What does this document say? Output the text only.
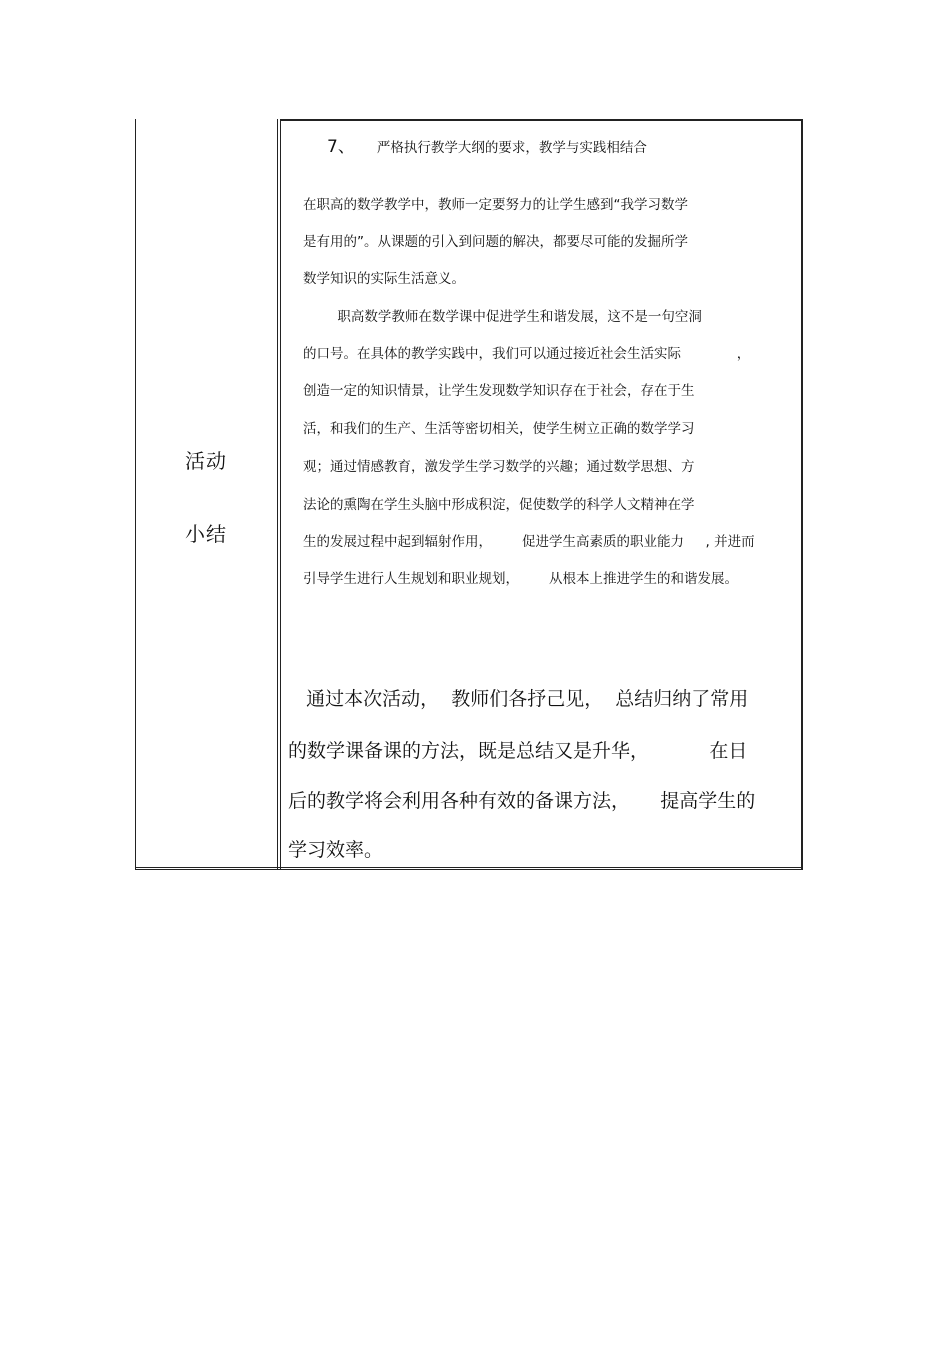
活动
小结
7、 严格执行教学大纲的要求，教学与实践相结合
在职高的数学教学中，教师一定要努力的让学生感到“我学习数学
是有用的”。从课题的引入到问题的解决，都要尽可能的发掘所学
数学知识的实际生活意义。
职高数学教师在数学课中促进学生和谐发展，这不是一句空洞
的口号。在具体的教学实践中，我们可以通过接近社会生活实际             ，
创造一定的知识情景，让学生发现数学知识存在于社会，存在于生
活，和我们的生产、生活等密切相关，使学生树立正确的数学学习
观；通过情感教育，激发学生学习数学的兴趣；通过数学思想、方
法论的熏陶在学生头脑中形成积淀，促使数学的科学人文精神在学
生的发展过程中起到辐射作用，       促进学生高素质的职业能力     , 并进而
引导学生进行人生规划和职业规划，       从根本上推进学生的和谐发展。
通过本次活动，  教师们各抒己见，  总结归纳了常用
的数学课备课的方法，既是总结又是升华，          在日
后的教学将会利用各种有效的备课方法，     提高学生的
学习效率。
